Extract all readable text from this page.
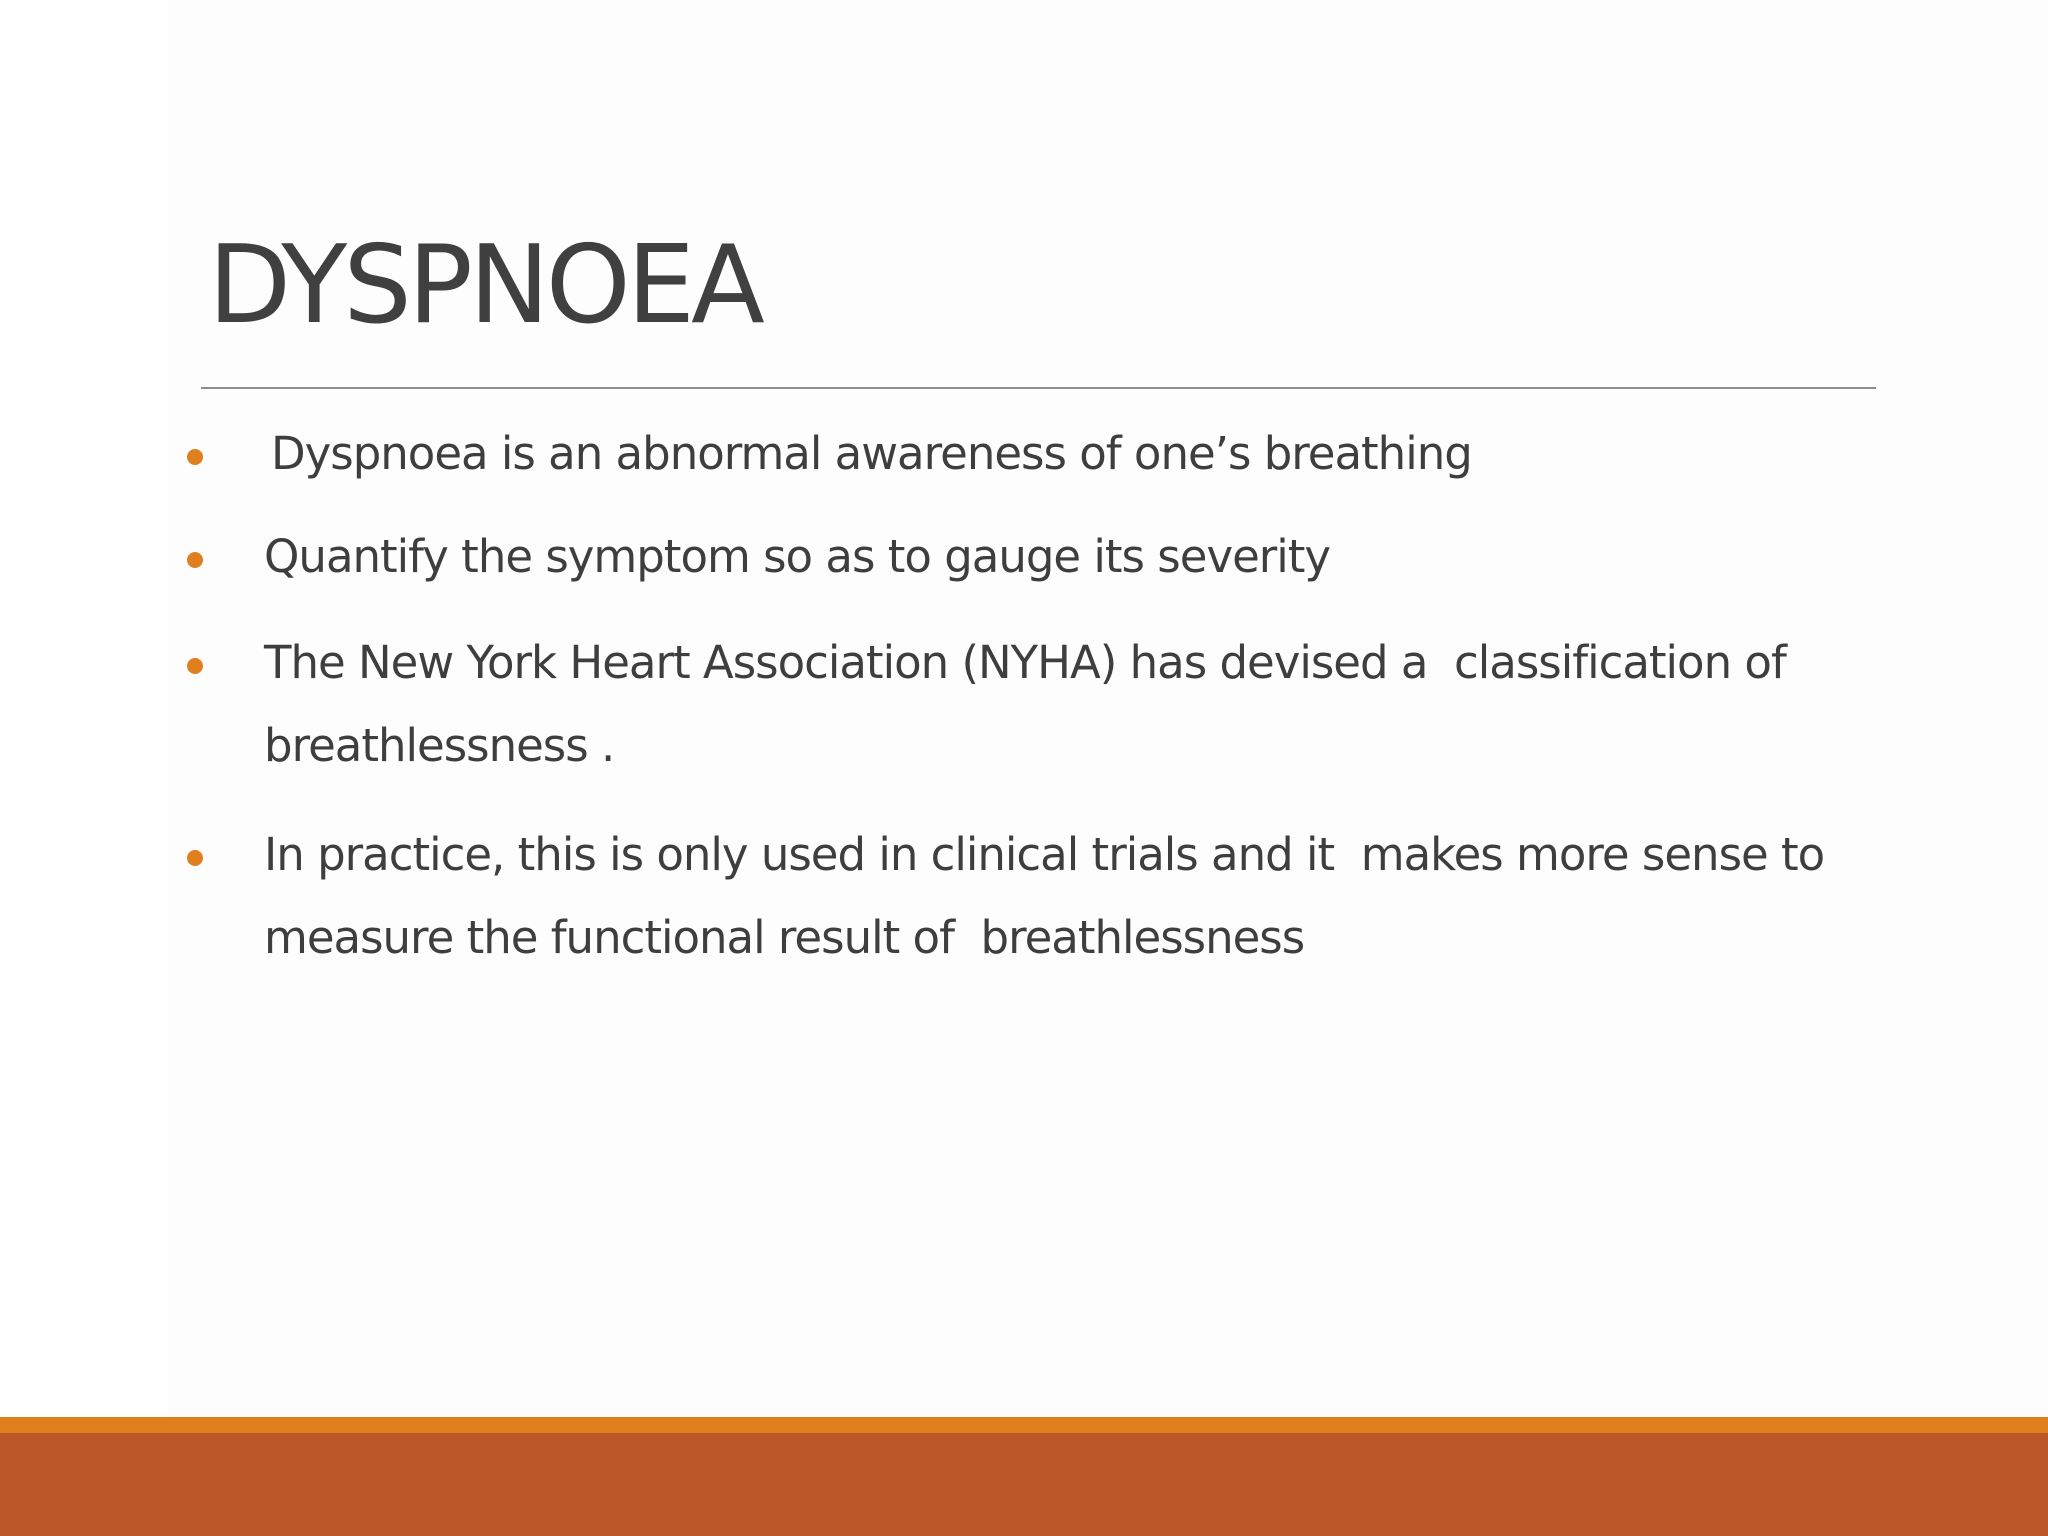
DYSPNOEA
Dyspnoea is an abnormal awareness of one’s breathing
Quantify the symptom so as to gauge its severity
The New York Heart Association (NYHA) has devised a  classification of breathlessness .
In practice, this is only used in clinical trials and it  makes more sense to measure the functional result of  breathlessness
